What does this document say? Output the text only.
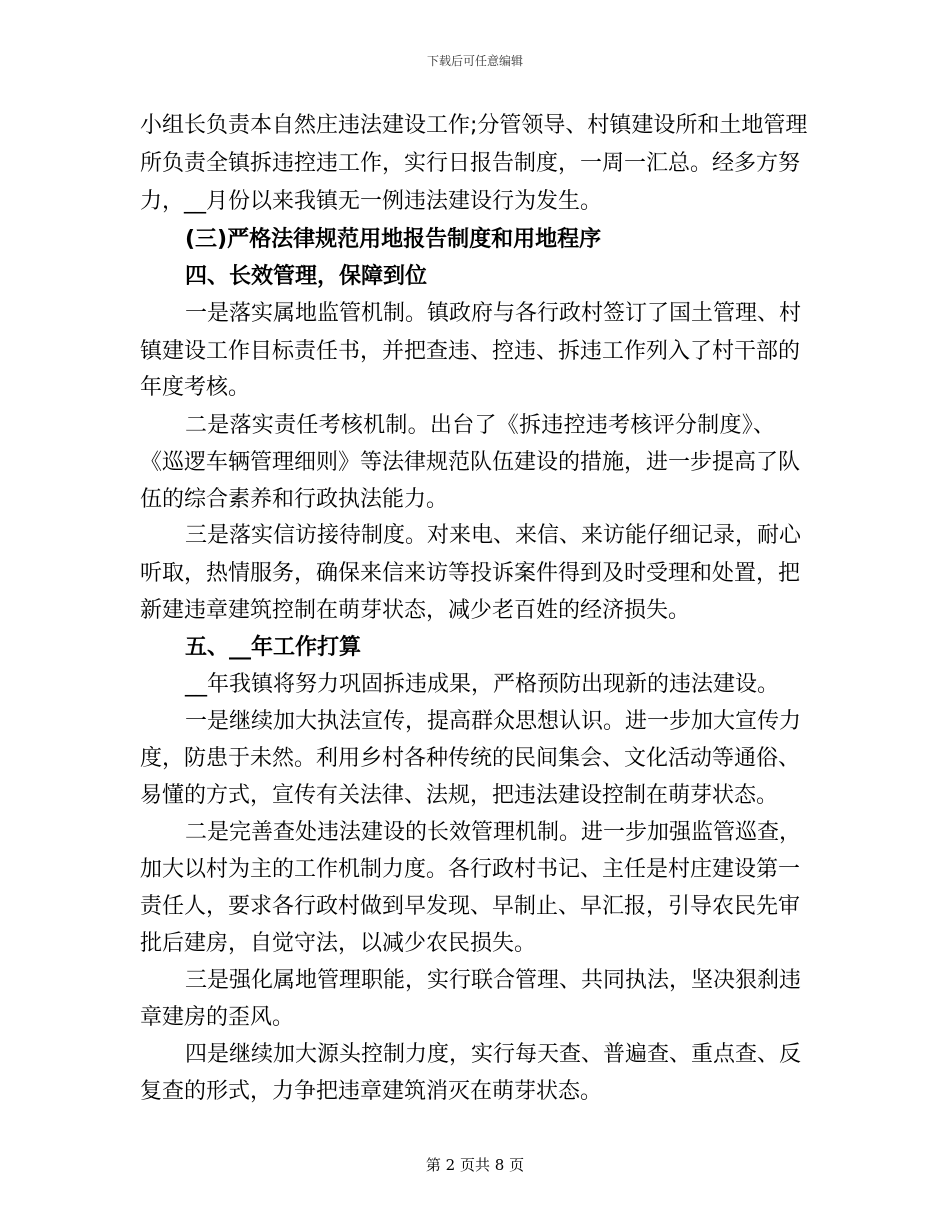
下载后可任意编辑
小组长负责本自然庄违法建设工作;分管领导、村镇建设所和土地管理
所负责全镇拆违控违工作，实行日报告制度，一周一汇总。经多方努
力，__月份以来我镇无一例违法建设行为发生。
(三)严格法律规范用地报告制度和用地程序
四、长效管理，保障到位
一是落实属地监管机制。镇政府与各行政村签订了国土管理、村
镇建设工作目标责任书，并把查违、控违、拆违工作列入了村干部的
年度考核。
二是落实责任考核机制。出台了《拆违控违考核评分制度》、
《巡逻车辆管理细则》等法律规范队伍建设的措施，进一步提高了队
伍的综合素养和行政执法能力。
三是落实信访接待制度。对来电、来信、来访能仔细记录，耐心
听取，热情服务，确保来信来访等投诉案件得到及时受理和处置，把
新建违章建筑控制在萌芽状态，减少老百姓的经济损失。
五、__年工作打算
__年我镇将努力巩固拆违成果，严格预防出现新的违法建设。
一是继续加大执法宣传，提高群众思想认识。进一步加大宣传力
度，防患于未然。利用乡村各种传统的民间集会、文化活动等通俗、
易懂的方式，宣传有关法律、法规，把违法建设控制在萌芽状态。
二是完善查处违法建设的长效管理机制。进一步加强监管巡查，
加大以村为主的工作机制力度。各行政村书记、主任是村庄建设第一
责任人，要求各行政村做到早发现、早制止、早汇报，引导农民先审
批后建房，自觉守法，以减少农民损失。
三是强化属地管理职能，实行联合管理、共同执法，坚决狠刹违
章建房的歪风。
四是继续加大源头控制力度，实行每天查、普遍查、重点查、反
复查的形式，力争把违章建筑消灭在萌芽状态。
第 2 页共 8 页
